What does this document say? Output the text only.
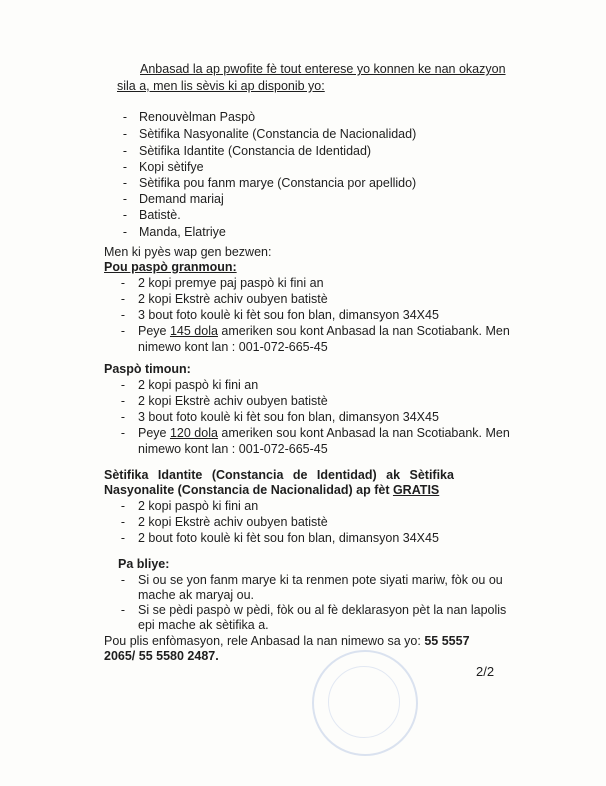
Anbasad la ap pwofite fè tout enterese yo konnen ke nan okazyon
sila a, men lis sèvis ki ap disponib yo:
- Renouvèlman Paspò
- Sètifika Nasyonalite (Constancia de Nacionalidad)
- Sètifika Idantite (Constancia de Identidad)
- Kopi sètifye
- Sètifika pou fanm marye (Constancia por apellido)
- Demand mariaj
- Batistè.
- Manda, Elatriye
Men ki pyès wap gen bezwen:
Pou paspò granmoun:
- 2 kopi premye paj paspò ki fini an
- 2 kopi Ekstrè achiv oubyen batistè
- 3 bout foto koulè ki fèt sou fon blan, dimansyon 34X45
- Peye 145 dola ameriken sou kont Anbasad la nan Scotiabank. Men
nimewo kont lan : 001-072-665-45
Paspò timoun:
- 2 kopi paspò ki fini an
- 2 kopi Ekstrè achiv oubyen batistè
- 3 bout foto koulè ki fèt sou fon blan, dimansyon 34X45
- Peye 120 dola ameriken sou kont Anbasad la nan Scotiabank. Men
nimewo kont lan : 001-072-665-45
Sètifika Idantite (Constancia de Identidad) ak Sètifika
Nasyonalite (Constancia de Nacionalidad) ap fèt GRATIS
- 2 kopi paspò ki fini an
- 2 kopi Ekstrè achiv oubyen batistè
- 2 bout foto koulè ki fèt sou fon blan, dimansyon 34X45
Pa bliye:
- Si ou se yon fanm marye ki ta renmen pote siyati mariw, fòk ou ou
mache ak maryaj ou.
- Si se pèdi paspò w pèdi, fòk ou al fè deklarasyon pèt la nan lapolis
epi mache ak sètifika a.
Pou plis enfòmasyon, rele Anbasad la nan nimewo sa yo: 55 5557
2065/ 55 5580 2487.
2/2
